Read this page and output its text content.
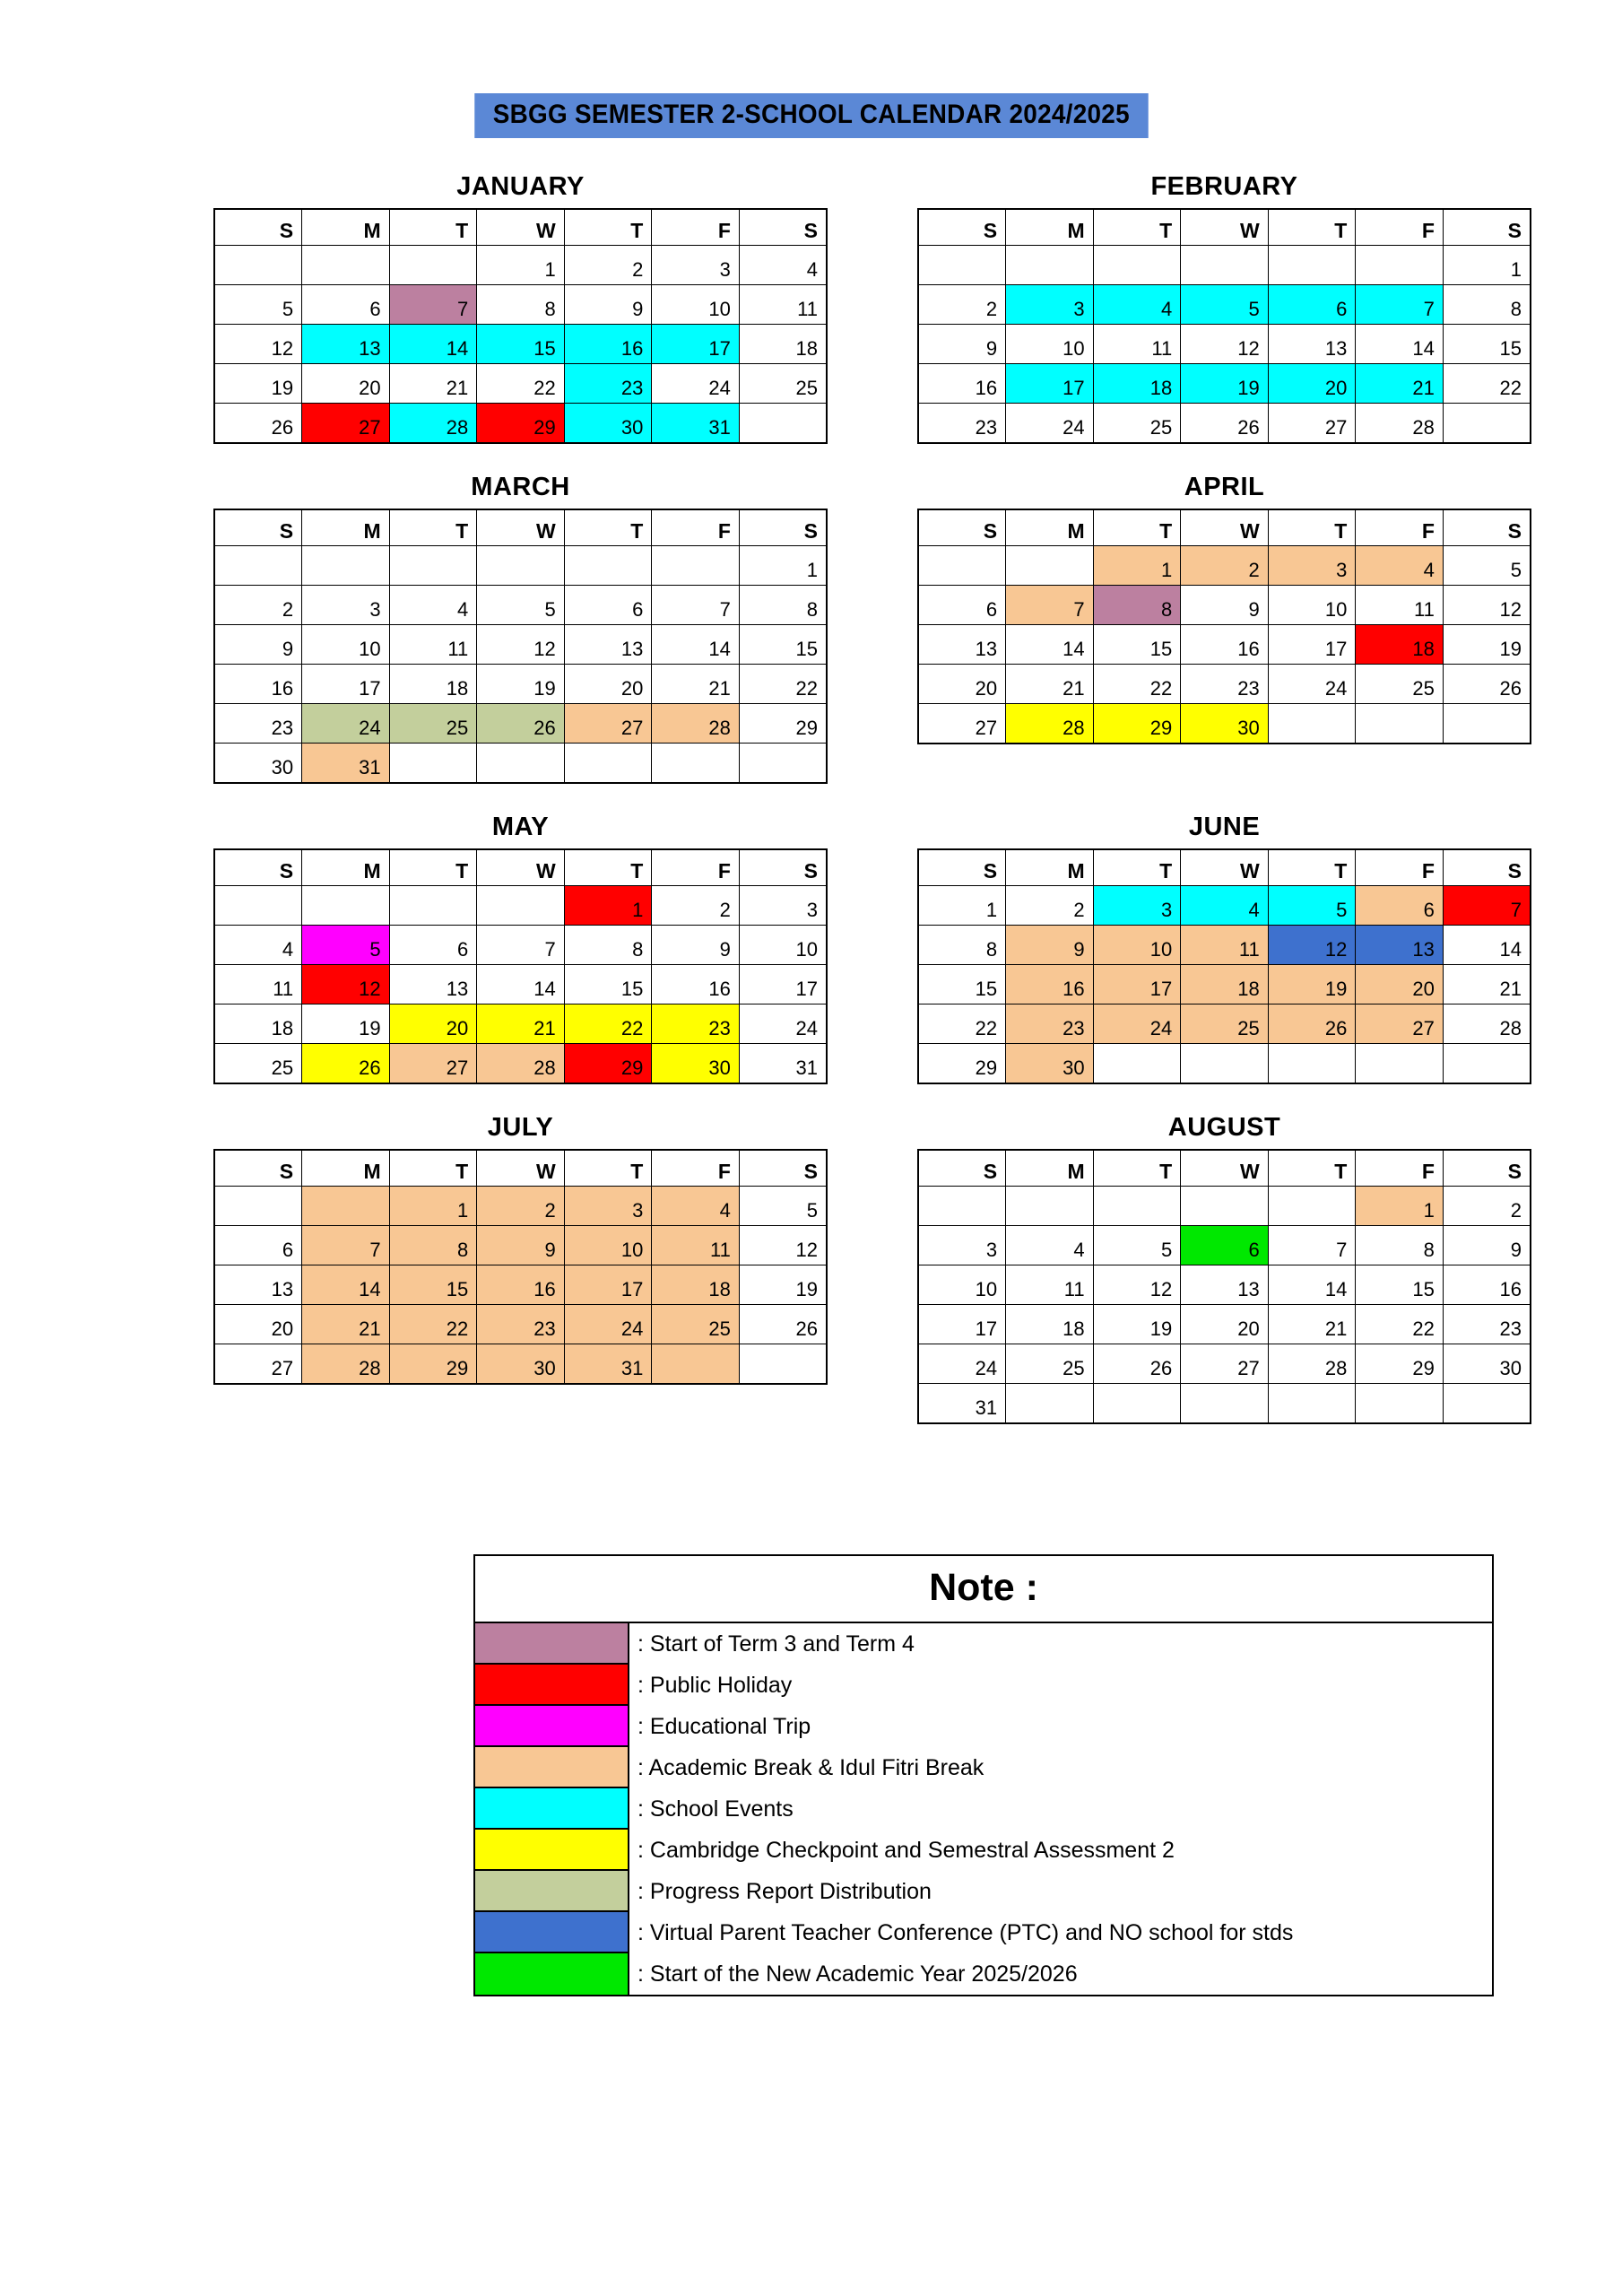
SBGG SEMESTER 2-SCHOOL CALENDAR 2024/2025
JANUARY
S	M	T	W	T	F	S
			1	2	3	4
5	6	7	8	9	10	11
12	13	14	15	16	17	18
19	20	21	22	23	24	25
26	27	28	29	30	31	
FEBRUARY
S	M	T	W	T	F	S
						1
2	3	4	5	6	7	8
9	10	11	12	13	14	15
16	17	18	19	20	21	22
23	24	25	26	27	28	
MARCH
S	M	T	W	T	F	S
						1
2	3	4	5	6	7	8
9	10	11	12	13	14	15
16	17	18	19	20	21	22
23	24	25	26	27	28	29
30	31					
APRIL
S	M	T	W	T	F	S
		1	2	3	4	5
6	7	8	9	10	11	12
13	14	15	16	17	18	19
20	21	22	23	24	25	26
27	28	29	30			
MAY
S	M	T	W	T	F	S
				1	2	3
4	5	6	7	8	9	10
11	12	13	14	15	16	17
18	19	20	21	22	23	24
25	26	27	28	29	30	31
JUNE
S	M	T	W	T	F	S
1	2	3	4	5	6	7
8	9	10	11	12	13	14
15	16	17	18	19	20	21
22	23	24	25	26	27	28
29	30					
JULY
S	M	T	W	T	F	S
		1	2	3	4	5
6	7	8	9	10	11	12
13	14	15	16	17	18	19
20	21	22	23	24	25	26
27	28	29	30	31		
AUGUST
S	M	T	W	T	F	S
					1	2
3	4	5	6	7	8	9
10	11	12	13	14	15	16
17	18	19	20	21	22	23
24	25	26	27	28	29	30
31						
Note :
: Start of Term 3 and Term 4
: Public Holiday
: Educational Trip
: Academic Break & Idul Fitri Break
: School Events
: Cambridge Checkpoint and Semestral Assessment 2
: Progress Report Distribution
: Virtual Parent Teacher Conference (PTC) and NO school for stds
: Start of the New Academic Year 2025/2026
